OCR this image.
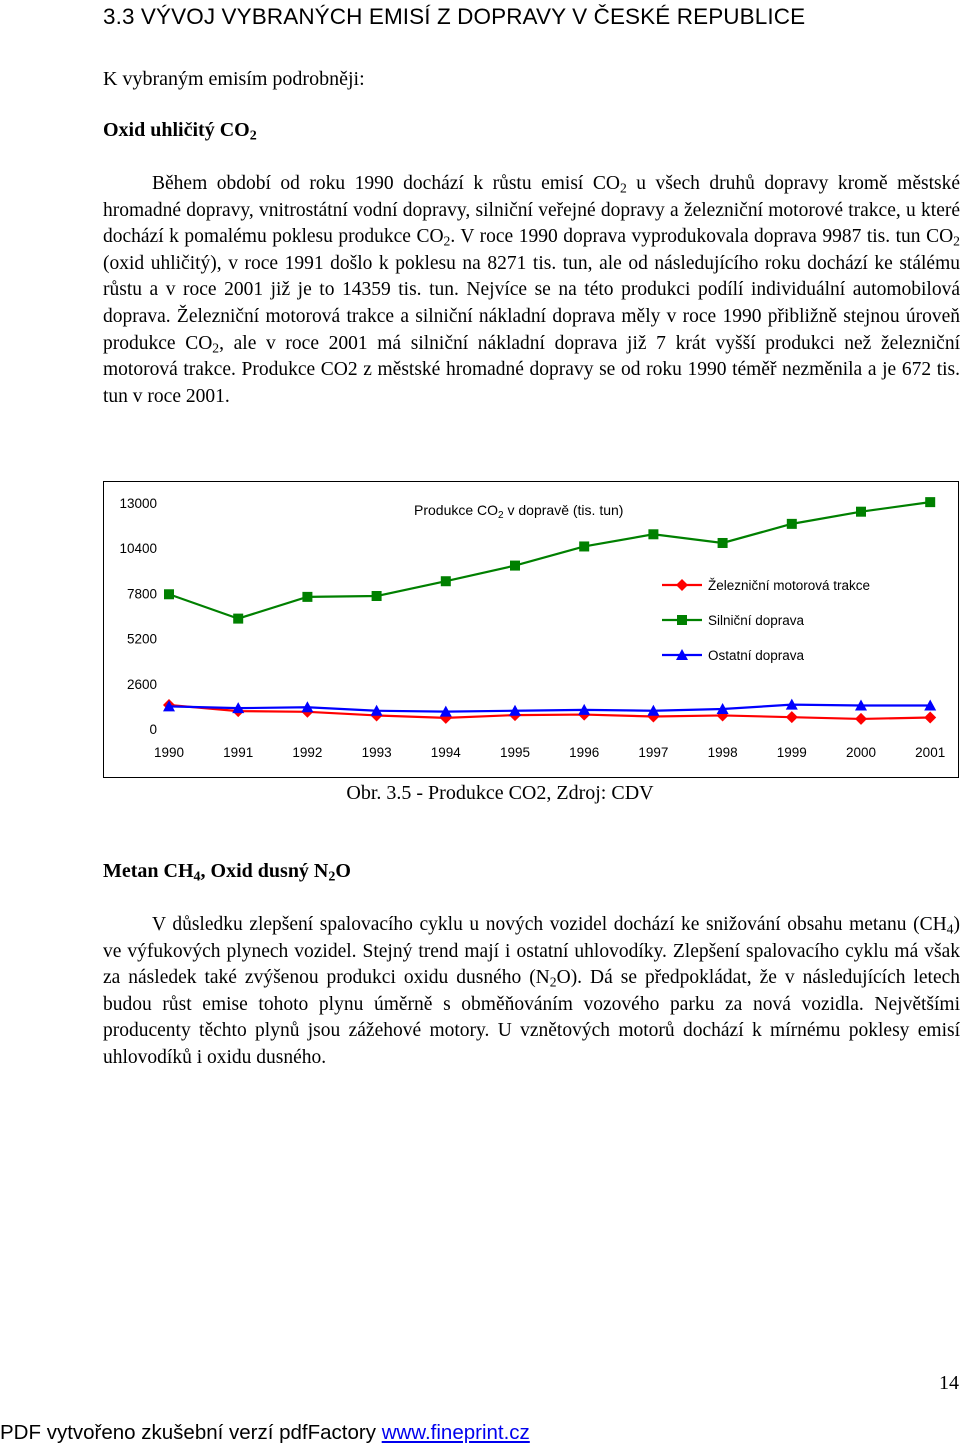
3.3 VÝVOJ VYBRANÝCH EMISÍ Z DOPRAVY V ČESKÉ REPUBLICE
K vybraným emisím podrobněji:
Oxid uhličitý $CO_2$
Během období od roku 1990 dochází k růstu emisí $CO_2$ u všech druhů dopravy kromě městské hromadné dopravy, vnitrostátní vodní dopravy, silniční veřejné dopravy a železniční motorové trakce, u které dochází k pomalému poklesu produkce $CO_2$. V roce 1990 doprava vyprodukovala doprava 9987 tis. tun $CO_2$ (oxid uhličitý), v roce 1991 došlo k poklesu na 8271 tis. tun, ale od následujícího roku dochází ke stálému růstu a v roce 2001 již je to 14359 tis. tun. Nejvíce se na této produkci podílí individuální automobilová doprava. Železniční motorová trakce a silniční nákladní doprava měly v roce 1990 přibližně stejnou úroveň produkce $CO_2$, ale v roce 2001 má silniční nákladní doprava již 7 krát vyšší produkci než železniční motorová trakce. Produkce CO2 z městské hromadné dopravy se od roku 1990 téměř nezměnila a je 672 tis. tun v roce 2001.
13000
10400
7800
5200
2600
0
1990	1991	1992	1993	1994	1995	1996	1997	1998	1999	2000	2001
Produkce $CO_2$ v dopravě (tis. tun)
Železniční motorová trakce
Silniční doprava
Ostatní doprava
Obr. 3.5 - Produkce CO2, Zdroj: CDV
Metan $CH_4$, Oxid dusný $N_2O$
V důsledku zlepšení spalovacího cyklu u nových vozidel dochází ke snižování obsahu metanu $(CH_4)$ ve výfukových plynech vozidel. Stejný trend mají i ostatní uhlovodíky. Zlepšení spalovacího cyklu má však za následek také zvýšenou produkci oxidu dusného $(N_2O)$. Dá se předpokládat, že v následujících letech budou růst emise tohoto plynu úměrně s obměňováním vozového parku za nová vozidla. Největšími producenty těchto plynů jsou zážehové motory. U vznětových motorů dochází k mírnému poklesy emisí uhlovodíků i oxidu dusného.
14
PDF vytvořeno zkušební verzí pdfFactory www.fineprint.cz
